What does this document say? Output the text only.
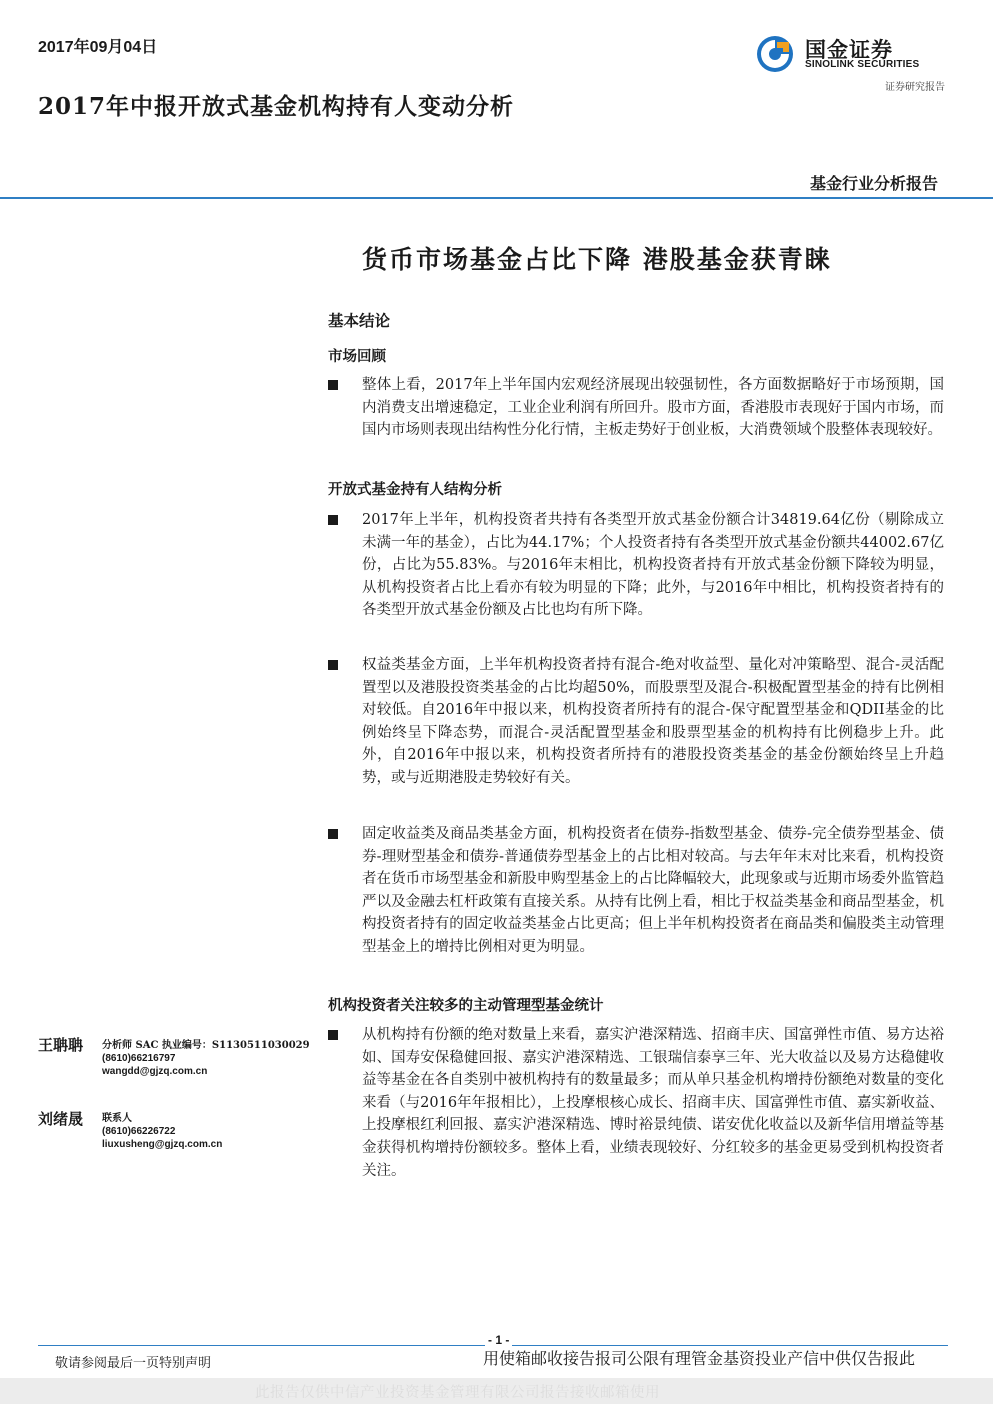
2017年09月04日
2017年中报开放式基金机构持有人变动分析
国金证券
SINOLINK SECURITIES
证券研究报告
基金行业分析报告
货币市场基金占比下降 港股基金获青睐
基本结论
市场回顾
整体上看，2017年上半年国内宏观经济展现出较强韧性，各方面数据略好于市场预期，国内消费支出增速稳定，工业企业利润有所回升。股市方面，香港股市表现好于国内市场，而国内市场则表现出结构性分化行情，主板走势好于创业板，大消费领域个股整体表现较好。
开放式基金持有人结构分析
2017年上半年，机构投资者共持有各类型开放式基金份额合计34819.64亿份（剔除成立未满一年的基金），占比为44.17%；个人投资者持有各类型开放式基金份额共44002.67亿份，占比为55.83%。与2016年末相比，机构投资者持有开放式基金份额下降较为明显，从机构投资者占比上看亦有较为明显的下降；此外，与2016年中相比，机构投资者持有的各类型开放式基金份额及占比也均有所下降。
权益类基金方面，上半年机构投资者持有混合-绝对收益型、量化对冲策略型、混合-灵活配置型以及港股投资类基金的占比均超50%，而股票型及混合-积极配置型基金的持有比例相对较低。自2016年中报以来，机构投资者所持有的混合-保守配置型基金和QDII基金的比例始终呈下降态势，而混合-灵活配置型基金和股票型基金的机构持有比例稳步上升。此外，自2016年中报以来，机构投资者所持有的港股投资类基金的基金份额始终呈上升趋势，或与近期港股走势较好有关。
固定收益类及商品类基金方面，机构投资者在债券-指数型基金、债券-完全债券型基金、债券-理财型基金和债券-普通债券型基金上的占比相对较高。与去年年末对比来看，机构投资者在货币市场型基金和新股申购型基金上的占比降幅较大，此现象或与近期市场委外监管趋严以及金融去杠杆政策有直接关系。从持有比例上看，相比于权益类基金和商品型基金，机构投资者持有的固定收益类基金占比更高；但上半年机构投资者在商品类和偏股类主动管理型基金上的增持比例相对更为明显。
机构投资者关注较多的主动管理型基金统计
从机构持有份额的绝对数量上来看，嘉实沪港深精选、招商丰庆、国富弹性市值、易方达裕如、国寿安保稳健回报、嘉实沪港深精选、工银瑞信泰享三年、光大收益以及易方达稳健收益等基金在各自类别中被机构持有的数量最多；而从单只基金机构增持份额绝对数量的变化来看（与2016年年报相比），上投摩根核心成长、招商丰庆、国富弹性市值、嘉实新收益、上投摩根红利回报、嘉实沪港深精选、博时裕景纯债、诺安优化收益以及新华信用增益等基金获得机构增持份额较多。整体上看，业绩表现较好、分红较多的基金更易受到机构投资者关注。
王聃聃 分析师 SAC 执业编号：S1130511030029
(8610)66216797
wangdd@gjzq.com.cn
刘绪晟 联系人
(8610)66226722
liuxusheng@gjzq.com.cn
- 1 -
敬请参阅最后一页特别声明	用使箱邮收接告报司公限有理管金基资投业产信中供仅告报此
此报告仅供中信产业投资基金管理有限公司报告接收邮箱使用
